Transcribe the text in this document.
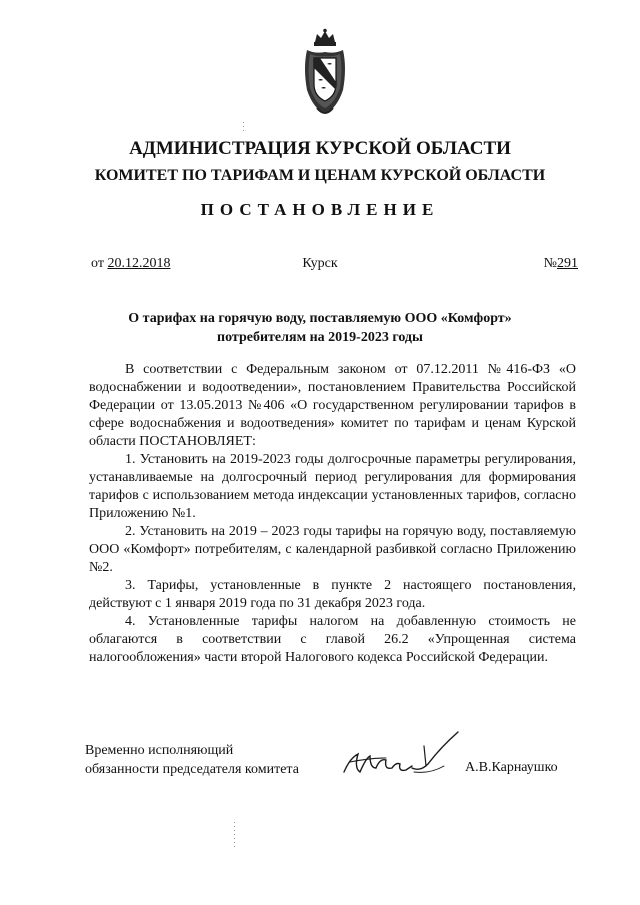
АДМИНИСТРАЦИЯ КУРСКОЙ ОБЛАСТИ
КОМИТЕТ ПО ТАРИФАМ И ЦЕНАМ КУРСКОЙ ОБЛАСТИ
ПОСТАНОВЛЕНИЕ
от 20.12.2018	Курск	№291
О тарифах на горячую воду, поставляемую ООО «Комфорт»
потребителям на 2019-2023 годы

В соответствии с Федеральным законом от 07.12.2011 №416-ФЗ «О водоснабжении и водоотведении», постановлением Правительства Российской Федерации от 13.05.2013 №406 «О государственном регулировании тарифов в сфере водоснабжения и водоотведения» комитет по тарифам и ценам Курской области ПОСТАНОВЛЯЕТ:

1. Установить на 2019-2023 годы долгосрочные параметры регулирования, устанавливаемые на долгосрочный период регулирования для формирования тарифов с использованием метода индексации установленных тарифов, согласно Приложению №1.

2. Установить на 2019 – 2023 годы тарифы на горячую воду, поставляемую ООО «Комфорт» потребителям, с календарной разбивкой согласно Приложению №2.

3. Тарифы, установленные в пункте 2 настоящего постановления, действуют с 1 января 2019 года по 31 декабря 2023 года.

4. Установленные тарифы налогом на добавленную стоимость не облагаются в соответствии с главой 26.2 «Упрощенная система налогообложения» части второй Налогового кодекса Российской Федерации.

Временно исполняющий
обязанности председателя комитета	А.В.Карнаушко
